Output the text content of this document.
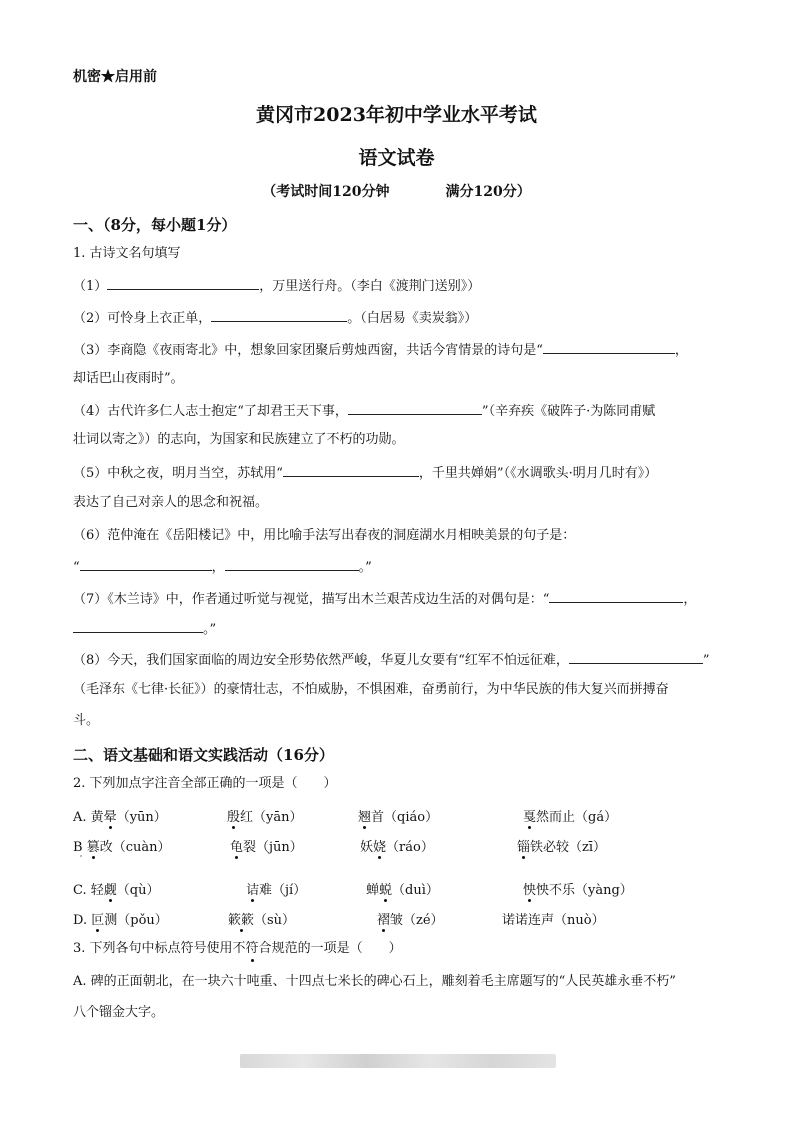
机密★启用前
黄冈市2023年初中学业水平考试
语文试卷
（考试时间120分钟	满分120分）
一、（8分，每小题1分）
1. 古诗文名句填写
（1）	，万里送行舟。（李白《渡荆门送别》）
（2）可怜身上衣正单，	。（白居易《卖炭翁》）
（3）李商隐《夜雨寄北》中，想象回家团聚后剪烛西窗，共话今宵情景的诗句是“	，
却话巴山夜雨时”。
（4）古代许多仁人志士抱定“了却君王天下事，	”（辛弃疾《破阵子·为陈同甫赋
壮词以寄之》）的志向，为国家和民族建立了不朽的功勋。
（5）中秋之夜，明月当空，苏轼用“	，千里共婵娟”（《水调歌头·明月几时有》）
表达了自己对亲人的思念和祝福。
（6）范仲淹在《岳阳楼记》中，用比喻手法写出春夜的洞庭湖水月相映美景的句子是：
“	，	。”
（7）《木兰诗》中，作者通过听觉与视觉，描写出木兰艰苦戍边生活的对偶句是：“	，
。”
（8）今天，我们国家面临的周边安全形势依然严峻，华夏儿女要有“红军不怕远征难，	”
（毛泽东《七律·长征》）的豪情壮志，不怕威胁，不惧困难，奋勇前行，为中华民族的伟大复兴而拼搏奋
斗。
二、语文基础和语文实践活动（16分）
2. 下列加点字注音全部正确的一项是（　　）
A. 黄晕（yūn）	殷红（yān）	翘首（qiáo）	戛然而止（gá）
B 篡改（cuàn）	龟裂（jūn）	妖娆（ráo）	锱铁必较（zī）
C. 轻觑（qù）	诘难（jí）	蝉蜕（duì）	怏怏不乐（yàng）
D. 叵测（pǒu）	簌簌（sù）	褶皱（zé）	诺诺连声（nuò）
3. 下列各句中标点符号使用不符合规范的一项是（　　）
A. 碑的正面朝北，在一块六十吨重、十四点七米长的碑心石上，雕刻着毛主席题写的“人民英雄永垂不朽”
八个镏金大字。
